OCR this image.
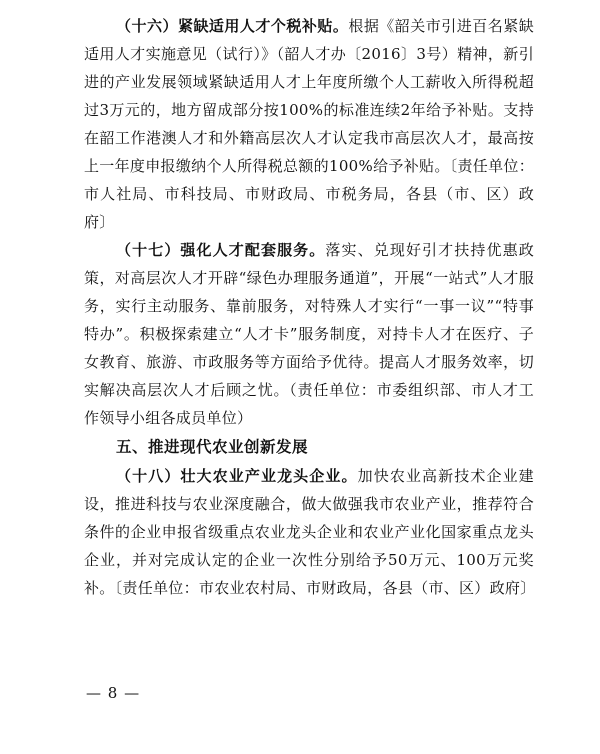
（十六）紧缺适用人才个税补贴。根据《韶关市引进百名紧缺适用人才实施意见（试行）》（韶人才办〔2016〕3号）精神，新引进的产业发展领域紧缺适用人才上年度所缴个人工薪收入所得税超过3万元的，地方留成部分按100%的标准连续2年给予补贴。支持在韶工作港澳人才和外籍高层次人才认定我市高层次人才，最高按上一年度申报缴纳个人所得税总额的100%给予补贴。〔责任单位：市人社局、市科技局、市财政局、市税务局，各县（市、区）政府〕

（十七）强化人才配套服务。落实、兑现好引才扶持优惠政策，对高层次人才开辟“绿色办理服务通道”，开展“一站式”人才服务，实行主动服务、靠前服务，对特殊人才实行“一事一议”“特事特办”。积极探索建立“人才卡”服务制度，对持卡人才在医疗、子女教育、旅游、市政服务等方面给予优待。提高人才服务效率，切实解决高层次人才后顾之忧。（责任单位：市委组织部、市人才工作领导小组各成员单位）

五、推进现代农业创新发展

（十八）壮大农业产业龙头企业。加快农业高新技术企业建设，推进科技与农业深度融合，做大做强我市农业产业，推荐符合条件的企业申报省级重点农业龙头企业和农业产业化国家重点龙头企业，并对完成认定的企业一次性分别给予50万元、100万元奖补。〔责任单位：市农业农村局、市财政局，各县（市、区）政府〕

— 8 —
